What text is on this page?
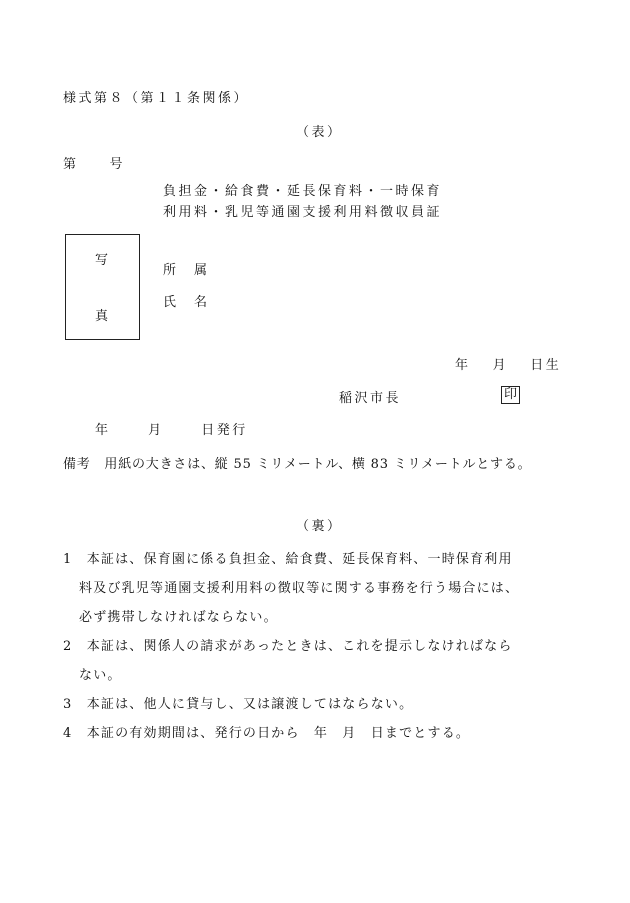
様式第８（第１１条関係）
（表）
第　　号
負担金・給食費・延長保育料・一時保育
利用料・乳児等通園支援利用料徴収員証
写
真
所　属
氏　名
年　 月　 日生
稲沢市長	印
年　　 月　　 日発行
備考　用紙の大きさは、縦 55 ミリメートル、横 83 ミリメートルとする。
（裏）

1　 本証は、保育園に係る負担金、給食費、延長保育料、一時保育利用

料及び乳児等通園支援利用料の徴収等に関する事務を行う場合には、

必ず携帯しなければならない。

2　 本証は、関係人の請求があったときは、これを提示しなければなら

ない。

3　 本証は、他人に貸与し、又は譲渡してはならない。

4　 本証の有効期間は、発行の日から　年　月　日までとする。
